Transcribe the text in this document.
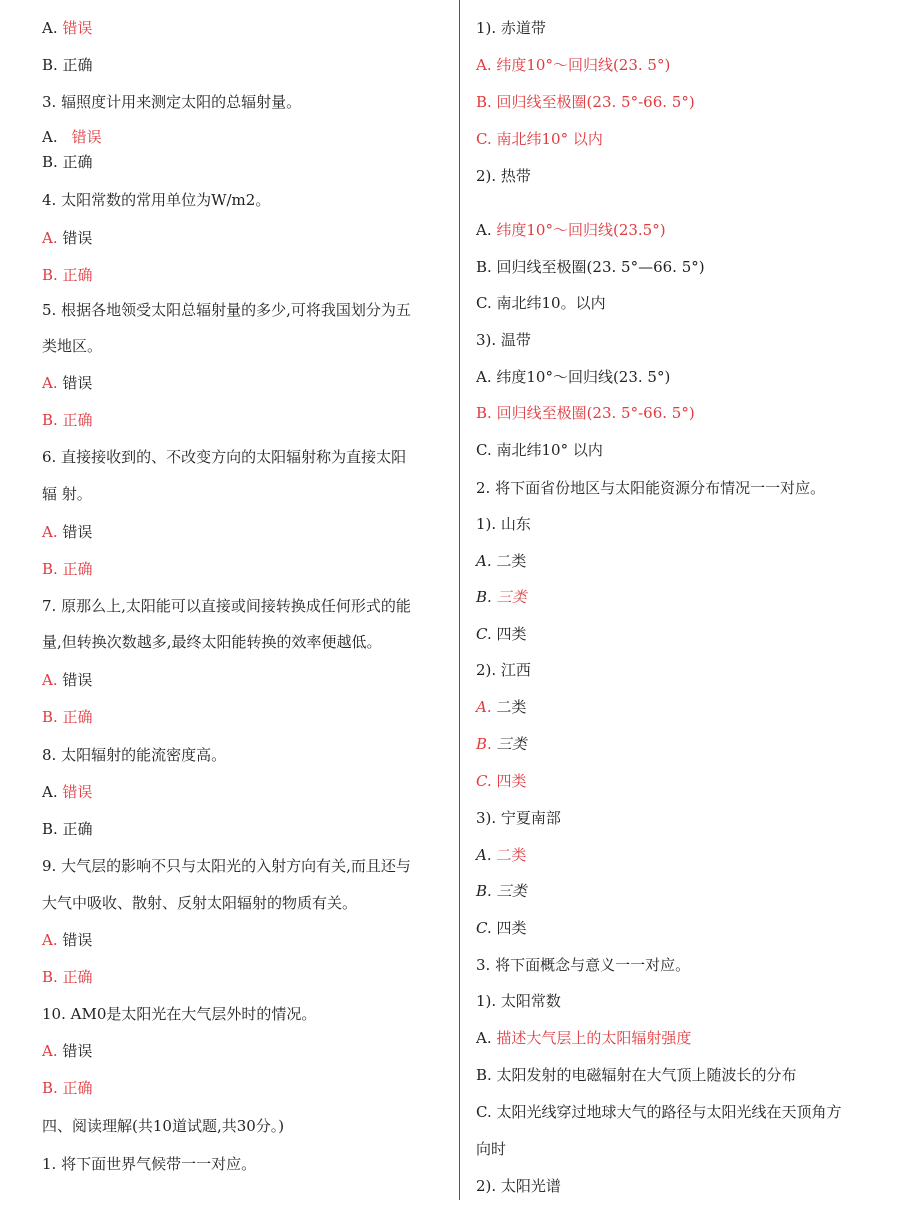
A. 错误
B. 正确
3. 辐照度计用来测定太阳的总辐射量。
A. 错误
B. 正确
4. 太阳常数的常用单位为W/m2。
A. 错误
B. 正确
5. 根据各地领受太阳总辐射量的多少,可将我国划分为五
类地区。
A. 错误
B. 正确
6. 直接接收到的、不改变方向的太阳辐射称为直接太阳
辐 射。
A. 错误
B. 正确
7. 原那么上,太阳能可以直接或间接转换成任何形式的能
量,但转换次数越多,最终太阳能转换的效率便越低。
A. 错误
B. 正确
8. 太阳辐射的能流密度高。
A. 错误
B. 正确
9. 大气层的影响不只与太阳光的入射方向有关,而且还与
大气中吸收、散射、反射太阳辐射的物质有关。
A. 错误
B. 正确
10. AM0是太阳光在大气层外时的情况。
A. 错误
B. 正确
四、阅读理解(共10道试题,共30分。)
1. 将下面世界气候带一一对应。
1). 赤道带
A. 纬度10°～回归线(23. 5°)
B. 回归线至极圈(23. 5°-66. 5°)
C. 南北纬10° 以内
2). 热带
A. 纬度10°～回归线(23.5°)
B. 回归线至极圈(23. 5°—66. 5°)
C. 南北纬10。以内
3). 温带
A. 纬度10°～回归线(23. 5°)
B. 回归线至极圈(23. 5°-66. 5°)
C. 南北纬10° 以内
2. 将下面省份地区与太阳能资源分布情况一一对应。
1). 山东
A. 二类
B. 三类
C. 四类
2). 江西
A. 二类
B. 三类
C. 四类
3). 宁夏南部
A. 二类
B. 三类
C. 四类
3. 将下面概念与意义一一对应。
1). 太阳常数
A. 描述大气层上的太阳辐射强度
B. 太阳发射的电磁辐射在大气顶上随波长的分布
C. 太阳光线穿过地球大气的路径与太阳光线在天顶角方
向时
2). 太阳光谱
